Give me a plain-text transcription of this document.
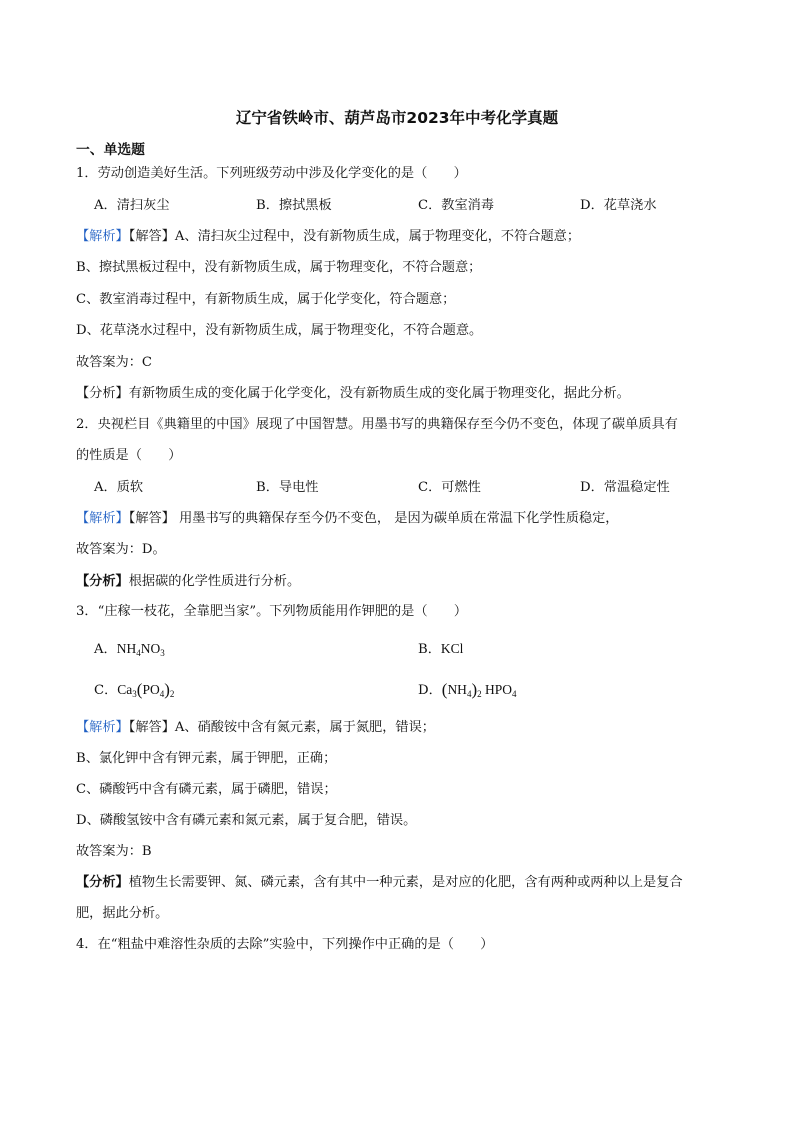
辽宁省铁岭市、葫芦岛市2023年中考化学真题
一、单选题
1．劳动创造美好生活。下列班级劳动中涉及化学变化的是（　　）
A．清扫灰尘	B．擦拭黑板	C．教室消毒	D．花草浇水
【解析】【解答】A、清扫灰尘过程中，没有新物质生成，属于物理变化，不符合题意；
B、擦拭黑板过程中，没有新物质生成，属于物理变化，不符合题意；
C、教室消毒过程中，有新物质生成，属于化学变化，符合题意；
D、花草浇水过程中，没有新物质生成，属于物理变化，不符合题意。
故答案为：C
【分析】有新物质生成的变化属于化学变化，没有新物质生成的变化属于物理变化，据此分析。
2．央视栏目《典籍里的中国》展现了中国智慧。用墨书写的典籍保存至今仍不变色，体现了碳单质具有
的性质是（　　）
A．质软	B．导电性	C．可燃性	D．常温稳定性
【解析】【解答】 用墨书写的典籍保存至今仍不变色， 是因为碳单质在常温下化学性质稳定，
故答案为：D。
【分析】根据碳的化学性质进行分析。
3．“庄稼一枝花，全靠肥当家”。下列物质能用作钾肥的是（　　）
A．$NH_4NO_3$	B．KCl
C．$Ca_3(PO_4)_2$	D．$(NH_4)_2$ $HPO_4$
【解析】【解答】A、硝酸铵中含有氮元素，属于氮肥，错误；
B、氯化钾中含有钾元素，属于钾肥，正确；
C、磷酸钙中含有磷元素，属于磷肥，错误；
D、磷酸氢铵中含有磷元素和氮元素，属于复合肥，错误。
故答案为：B
【分析】植物生长需要钾、氮、磷元素，含有其中一种元素，是对应的化肥，含有两种或两种以上是复合
肥，据此分析。
4．在“粗盐中难溶性杂质的去除”实验中，下列操作中正确的是（　　）
